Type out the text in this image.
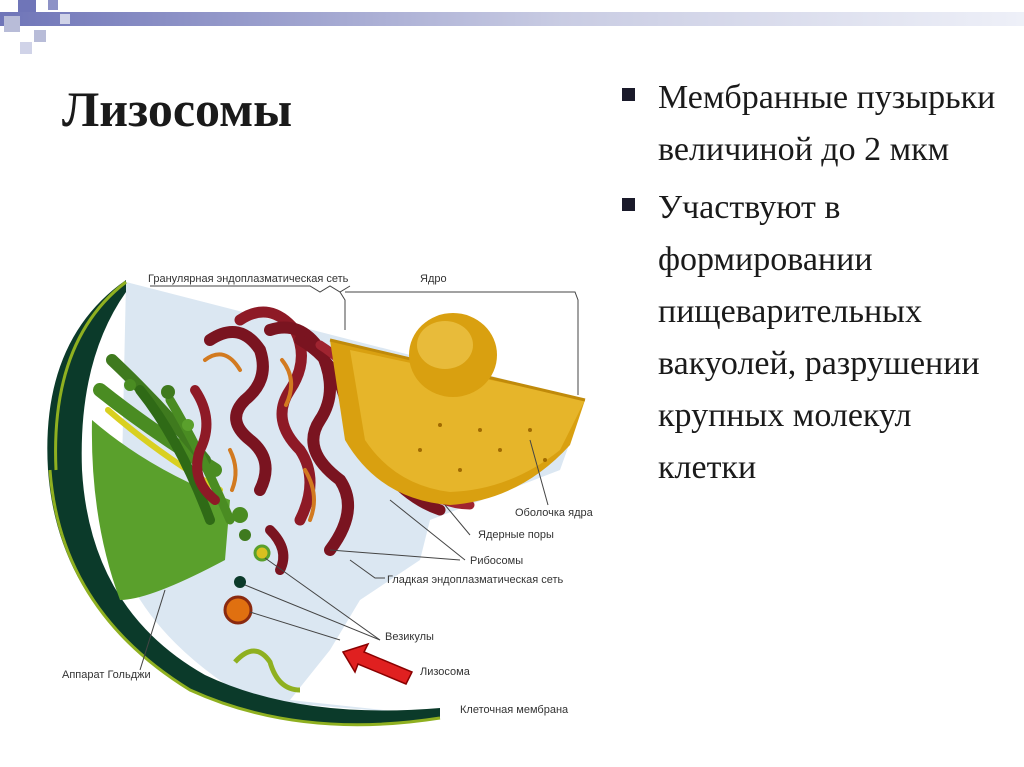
Лизосомы	Мембранные пузырьки величиной до 2 мкм
Участвуют в формировании пищеварительных вакуолей, разрушении крупных молекул клетки
Гранулярная эндоплазматическая сеть	Ядро
Оболочка ядра
Ядерные поры
Рибосомы
Гладкая эндоплазматическая сеть
Везикулы
Лизосома
Аппарат Гольджи
Клеточная мембрана
